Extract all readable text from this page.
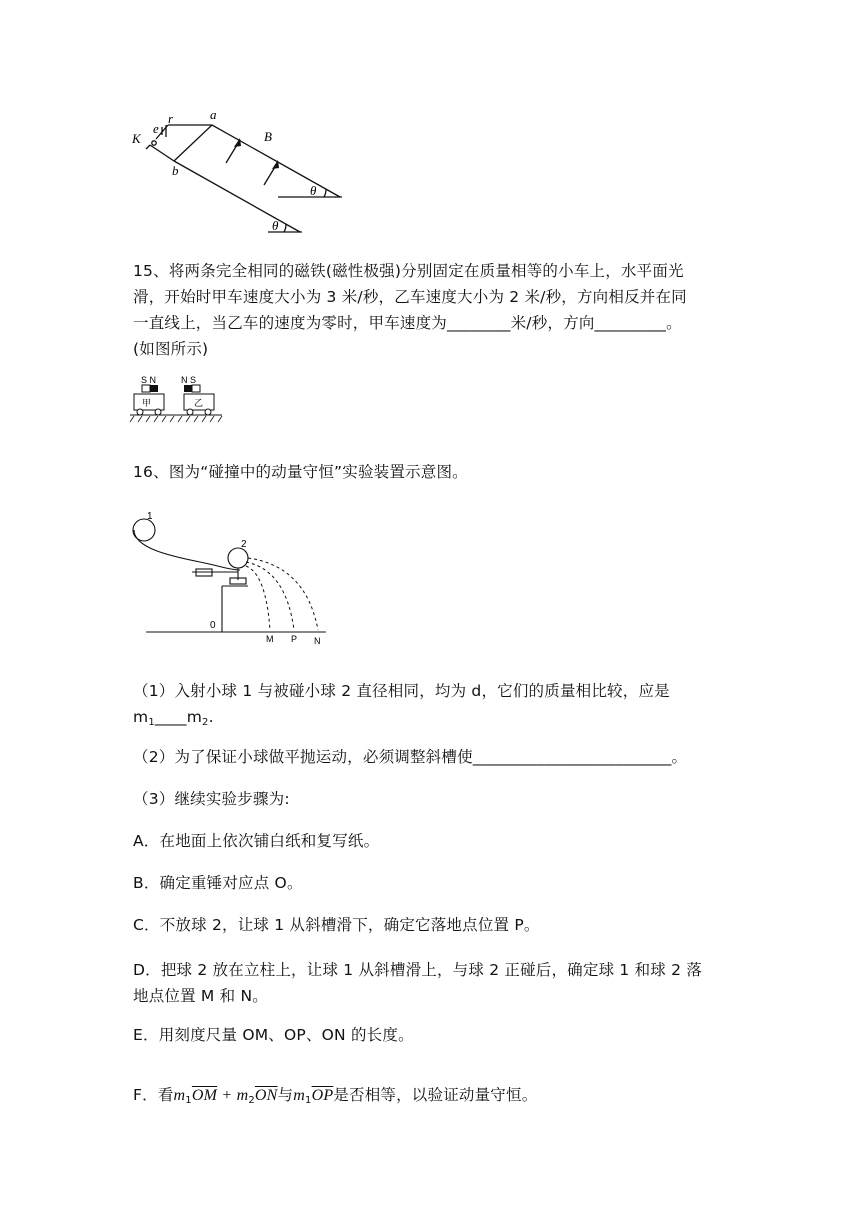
K
e
r	a
b
B
θ
θ
15、将两条完全相同的磁铁(磁性极强)分别固定在质量相等的小车上，水平面光
滑，开始时甲车速度大小为 3 米/秒，乙车速度大小为 2 米/秒，方向相反并在同
一直线上，当乙车的速度为零时，甲车速度为________米/秒，方向_________。
(如图所示)
S N	N S
甲	乙
16、图为“碰撞中的动量守恒”实验装置示意图。
1
2
0
M P N
（1）入射小球 1 与被碰小球 2 直径相同，均为 d，它们的质量相比较，应是
$m_1\_\_\_\_m_2$.
（2）为了保证小球做平抛运动，必须调整斜槽使_________________________。
（3）继续实验步骤为:
A．在地面上依次铺白纸和复写纸。
B．确定重锤对应点 O。
C．不放球 2，让球 1 从斜槽滑下，确定它落地点位置 P。
D．把球 2 放在立柱上，让球 1 从斜槽滑上，与球 2 正碰后，确定球 1 和球 2 落
地点位置 M 和 N。
E．用刻度尺量 OM、OP、ON 的长度。
F．看$m_1\overline{OM} + m_2\overline{ON}$与$m_1\overline{OP}$是否相等，以验证动量守恒。
